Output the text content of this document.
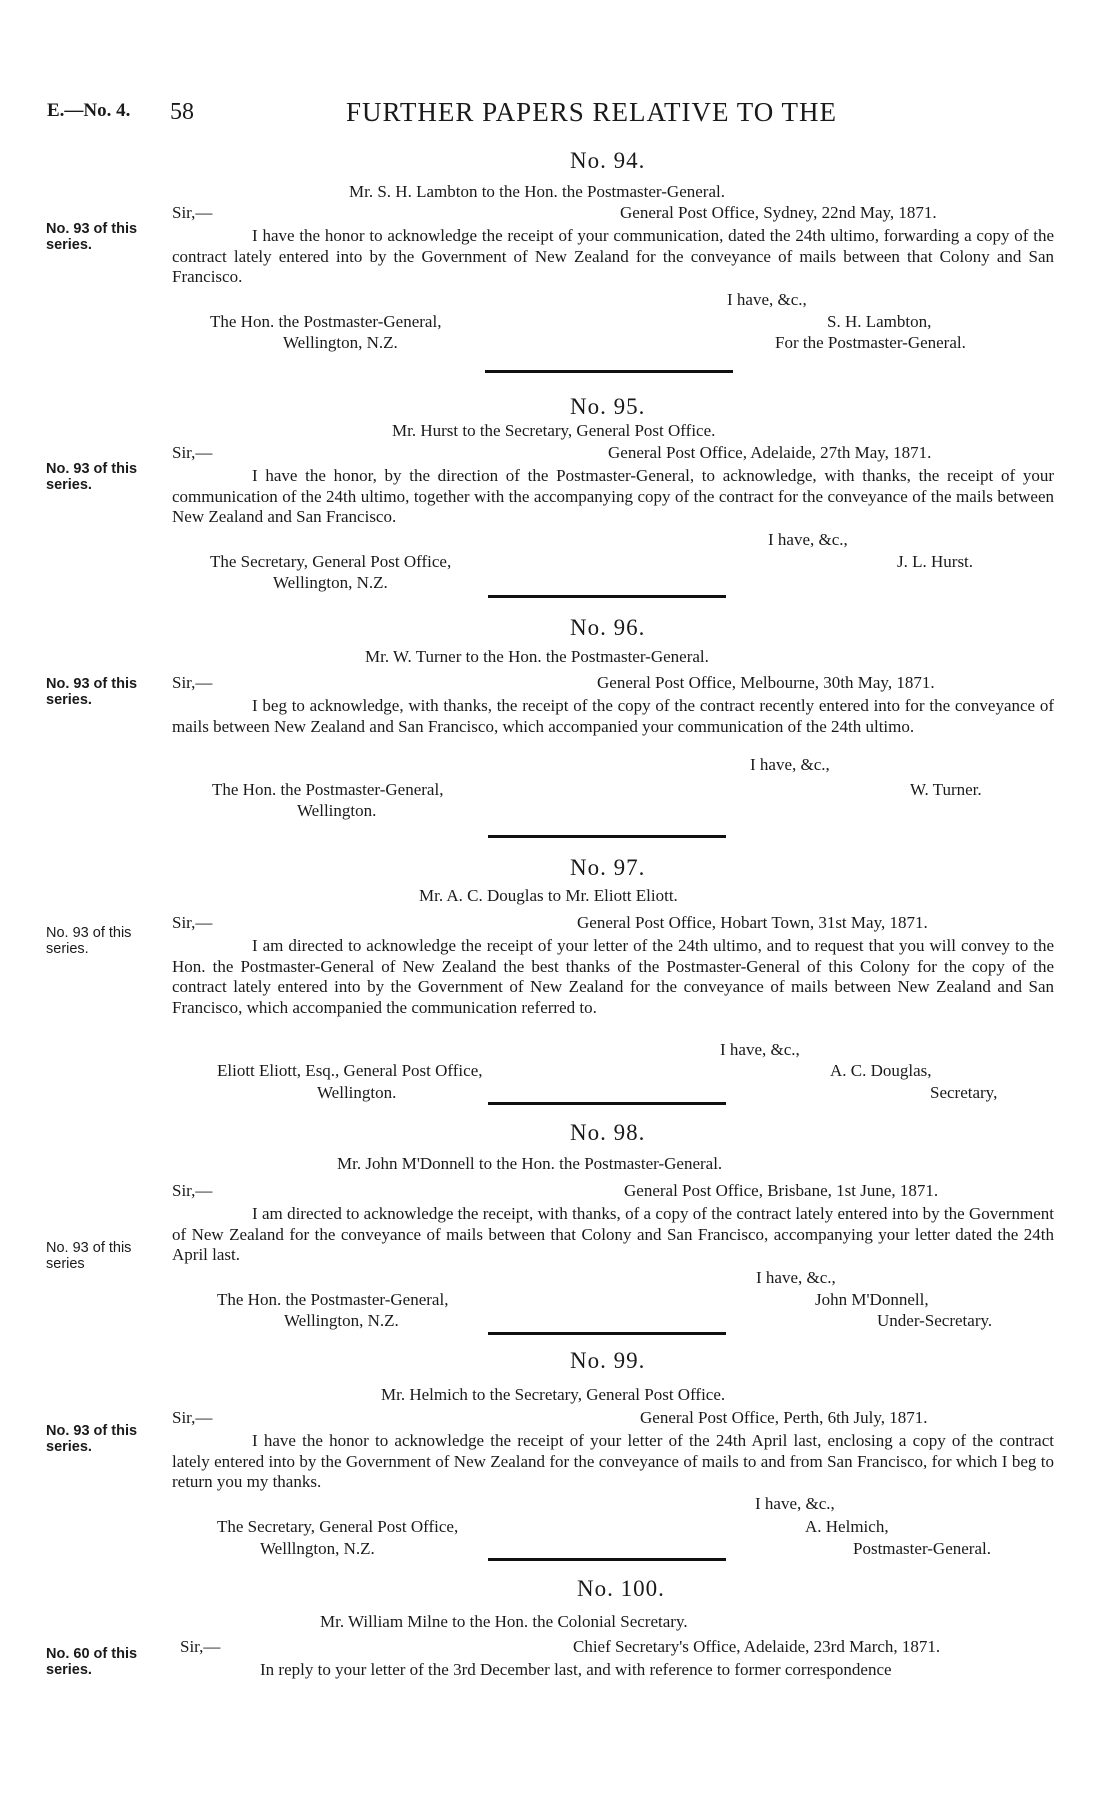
E.—No. 4. 58	FURTHER PAPERS RELATIVE TO THE
No. 94.
Mr. S. H. Lambton to the Hon. the Postmaster-General.
No. 93 of this series.
Sir,—	General Post Office, Sydney, 22nd May, 1871.
I have the honor to acknowledge the receipt of your communication, dated the 24th ultimo, forwarding a copy of the contract lately entered into by the Government of New Zealand for the conveyance of mails between that Colony and San Francisco.
I have, &c.,
The Hon. the Postmaster-General,
Wellington, N.Z.
S. H. Lambton,
For the Postmaster-General.
No. 95.
Mr. Hurst to the Secretary, General Post Office.
No. 93 of this series.
Sir,—	General Post Office, Adelaide, 27th May, 1871.
I have the honor, by the direction of the Postmaster-General, to acknowledge, with thanks, the receipt of your communication of the 24th ultimo, together with the accompanying copy of the contract for the conveyance of the mails between New Zealand and San Francisco.
I have, &c.,
The Secretary, General Post Office,
Wellington, N.Z.
J. L. Hurst.
No. 96.
Mr. W. Turner to the Hon. the Postmaster-General.
No. 93 of this series.
Sir,—	General Post Office, Melbourne, 30th May, 1871.
I beg to acknowledge, with thanks, the receipt of the copy of the contract recently entered into for the conveyance of mails between New Zealand and San Francisco, which accompanied your communication of the 24th ultimo.
I have, &c.,
The Hon. the Postmaster-General,
Wellington.
W. Turner.
No. 97.
Mr. A. C. Douglas to Mr. Eliott Eliott.
No. 93 of this series.
Sir,—	General Post Office, Hobart Town, 31st May, 1871.
I am directed to acknowledge the receipt of your letter of the 24th ultimo, and to request that you will convey to the Hon. the Postmaster-General of New Zealand the best thanks of the Postmaster-General of this Colony for the copy of the contract lately entered into by the Government of New Zealand for the conveyance of mails between New Zealand and San Francisco, which accompanied the communication referred to.
I have, &c.,
Eliott Eliott, Esq., General Post Office,
Wellington.
A. C. Douglas,
Secretary,
No. 98.
Mr. John M'Donnell to the Hon. the Postmaster-General.
No. 93 of this series
Sir,—	General Post Office, Brisbane, 1st June, 1871.
I am directed to acknowledge the receipt, with thanks, of a copy of the contract lately entered into by the Government of New Zealand for the conveyance of mails between that Colony and San Francisco, accompanying your letter dated the 24th April last.
I have, &c.,
The Hon. the Postmaster-General,
Wellington, N.Z.
John M'Donnell,
Under-Secretary.
No. 99.
Mr. Helmich to the Secretary, General Post Office.
No. 93 of this series.
Sir,—	General Post Office, Perth, 6th July, 1871.
I have the honor to acknowledge the receipt of your letter of the 24th April last, enclosing a copy of the contract lately entered into by the Government of New Zealand for the conveyance of mails to and from San Francisco, for which I beg to return you my thanks.
I have, &c.,
The Secretary, General Post Office,
Welllngton, N.Z.
A. Helmich,
Postmaster-General.
No. 100.
Mr. William Milne to the Hon. the Colonial Secretary.
No. 60 of this series.
Sir,—	Chief Secretary's Office, Adelaide, 23rd March, 1871.
In reply to your letter of the 3rd December last, and with reference to former correspondence
